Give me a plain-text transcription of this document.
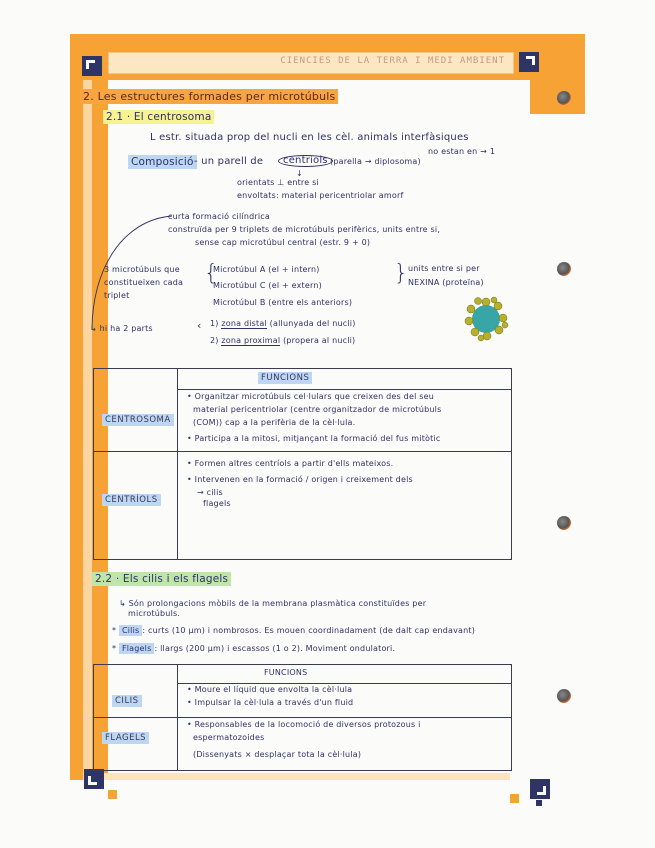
CIENCIES DE LA TERRA I MEDI AMBIENT
2. Les estructures formades per microtúbuls
2.1 · El centrosoma
L estr. situada prop del nucli en les cèl. animals interfàsiques
no estan en → 1
Composició - un parell de	centriols (parella → diplosoma)
↓
orientats ⊥ entre si
envoltats: material pericentriolar amorf
curta formació cilíndrica
construïda per 9 triplets de microtúbuls perifèrics, units entre si,
sense cap microtúbul central (estr. 9 + 0)
3 microtúbuls que
constitueixen cada
triplet
{
Microtúbul A (el + intern)
Microtúbul C (el + extern)
Microtúbul B (entre els anteriors)
} units entre si per
NEXINA (proteïna)
↳ hi ha 2 parts	‹ 1) zona distal (allunyada del nucli)
2) zona proximal (propera al nucli)
FUNCIONS
CENTROSOMA
• Organitzar microtúbuls cel·lulars que creixen des del seu
material pericentriolar (centre organitzador de microtúbuls
(COM)) cap a la perifèria de la cèl·lula.
• Participa a la mitosi, mitjançant la formació del fus mitòtic
CENTRÍOLS
• Formen altres centríols a partir d'ells mateixos.
• Intervenen en la formació / origen i creixement dels
→ cilis
flagels
2.2 · Els cilis i els flagels
↳ Són prolongacions mòbils de la membrana plasmàtica constituïdes per
microtúbuls.
* Cilis : curts (10 µm) i nombrosos. Es mouen coordinadament (de dalt cap endavant)
* Flagels : llargs (200 µm) i escassos (1 o 2). Moviment ondulatori.
FUNCIONS
CILIS
• Moure el líquid que envolta la cèl·lula
• Impulsar la cèl·lula a través d'un fluid
FLAGELS
• Responsables de la locomoció de diversos protozous i
espermatozoides
(Dissenyats × desplaçar tota la cèl·lula)
